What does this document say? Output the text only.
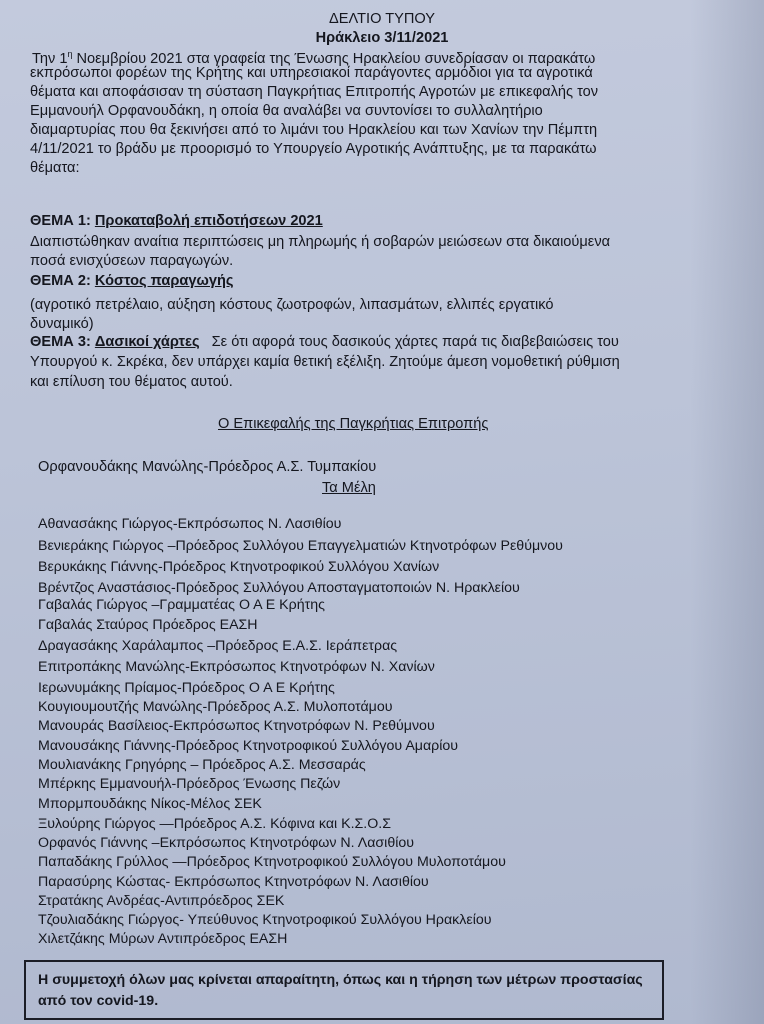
ΔΕΛΤΙΟ ΤΥΠΟΥ
Ηράκλειο 3/11/2021
Την $1^\eta$ Νοεμβρίου 2021 στα γραφεία της Ένωσης Ηρακλείου συνεδρίασαν οι παρακάτω
εκπρόσωποι φορέων της Κρήτης και υπηρεσιακοί παράγοντες αρμόδιοι για τα αγροτικά
θέματα και αποφάσισαν τη σύσταση Παγκρήτιας Επιτροπής Αγροτών με επικεφαλής τον
Εμμανουήλ Ορφανουδάκη, η οποία θα αναλάβει να συντονίσει το συλλαλητήριο
διαμαρτυρίας που θα ξεκινήσει από το λιμάνι του Ηρακλείου και των Χανίων την Πέμπτη
4/11/2021 το βράδυ με προορισμό το Υπουργείο Αγροτικής Ανάπτυξης, με τα παρακάτω
θέματα:
ΘΕΜΑ 1: Προκαταβολή επιδοτήσεων 2021
Διαπιστώθηκαν αναίτια περιπτώσεις μη πληρωμής ή σοβαρών μειώσεων στα δικαιούμενα
ποσά ενισχύσεων παραγωγών.
ΘΕΜΑ 2: Κόστος παραγωγής
(αγροτικό πετρέλαιο, αύξηση κόστους ζωοτροφών, λιπασμάτων, ελλιπές εργατικό
δυναμικό)
ΘΕΜΑ 3: Δασικοί χάρτες Σε ότι αφορά τους δασικούς χάρτες παρά τις διαβεβαιώσεις του
Υπουργού κ. Σκρέκα, δεν υπάρχει καμία θετική εξέλιξη. Ζητούμε άμεση νομοθετική ρύθμιση
και επίλυση του θέματος αυτού.
Ο Επικεφαλής της Παγκρήτιας Επιτροπής
Ορφανουδάκης Μανώλης-Πρόεδρος Α.Σ. Τυμπακίου
Τα Μέλη
Αθανασάκης Γιώργος-Εκπρόσωπος Ν. Λασιθίου
Βενιεράκης Γιώργος –Πρόεδρος Συλλόγου Επαγγελματιών Κτηνοτρόφων Ρεθύμνου
Βερυκάκης Γιάννης-Πρόεδρος Κτηνοτροφικού Συλλόγου Χανίων
Βρέντζος Αναστάσιος-Πρόεδρος Συλλόγου Αποσταγματοποιών Ν. Ηρακλείου
Γαβαλάς Γιώργος –Γραμματέας Ο Α Ε Κρήτης
Γαβαλάς Σταύρος Πρόεδρος ΕΑΣΗ
Δραγασάκης Χαράλαμπος –Πρόεδρος Ε.Α.Σ. Ιεράπετρας
Επιτροπάκης Μανώλης-Εκπρόσωπος Κτηνοτρόφων Ν. Χανίων
Ιερωνυμάκης Πρίαμος-Πρόεδρος Ο Α Ε Κρήτης
Κουγιουμουτζής Μανώλης-Πρόεδρος Α.Σ. Μυλοποτάμου
Μανουράς Βασίλειος-Εκπρόσωπος Κτηνοτρόφων Ν. Ρεθύμνου
Μανουσάκης Γιάννης-Πρόεδρος Κτηνοτροφικού Συλλόγου Αμαρίου
Μουλιανάκης Γρηγόρης – Πρόεδρος Α.Σ. Μεσσαράς
Μπέρκης Εμμανουήλ-Πρόεδρος Ένωσης Πεζών
Μπορμπουδάκης Νίκος-Μέλος ΣΕΚ
Ξυλούρης Γιώργος —Πρόεδρος Α.Σ. Κόφινα και Κ.Σ.Ο.Σ
Ορφανός Γιάννης –Εκπρόσωπος Κτηνοτρόφων Ν. Λασιθίου
Παπαδάκης Γρύλλος —Πρόεδρος Κτηνοτροφικού Συλλόγου Μυλοποτάμου
Παρασύρης Κώστας- Εκπρόσωπος Κτηνοτρόφων Ν. Λασιθίου
Στρατάκης Ανδρέας-Αντιπρόεδρος ΣΕΚ
Τζουλιαδάκης Γιώργος- Υπεύθυνος Κτηνοτροφικού Συλλόγου Ηρακλείου
Χιλετζάκης Μύρων Αντιπρόεδρος ΕΑΣΗ
Η συμμετοχή όλων μας κρίνεται απαραίτητη, όπως και η τήρηση των μέτρων προστασίας
από τον covid-19.
